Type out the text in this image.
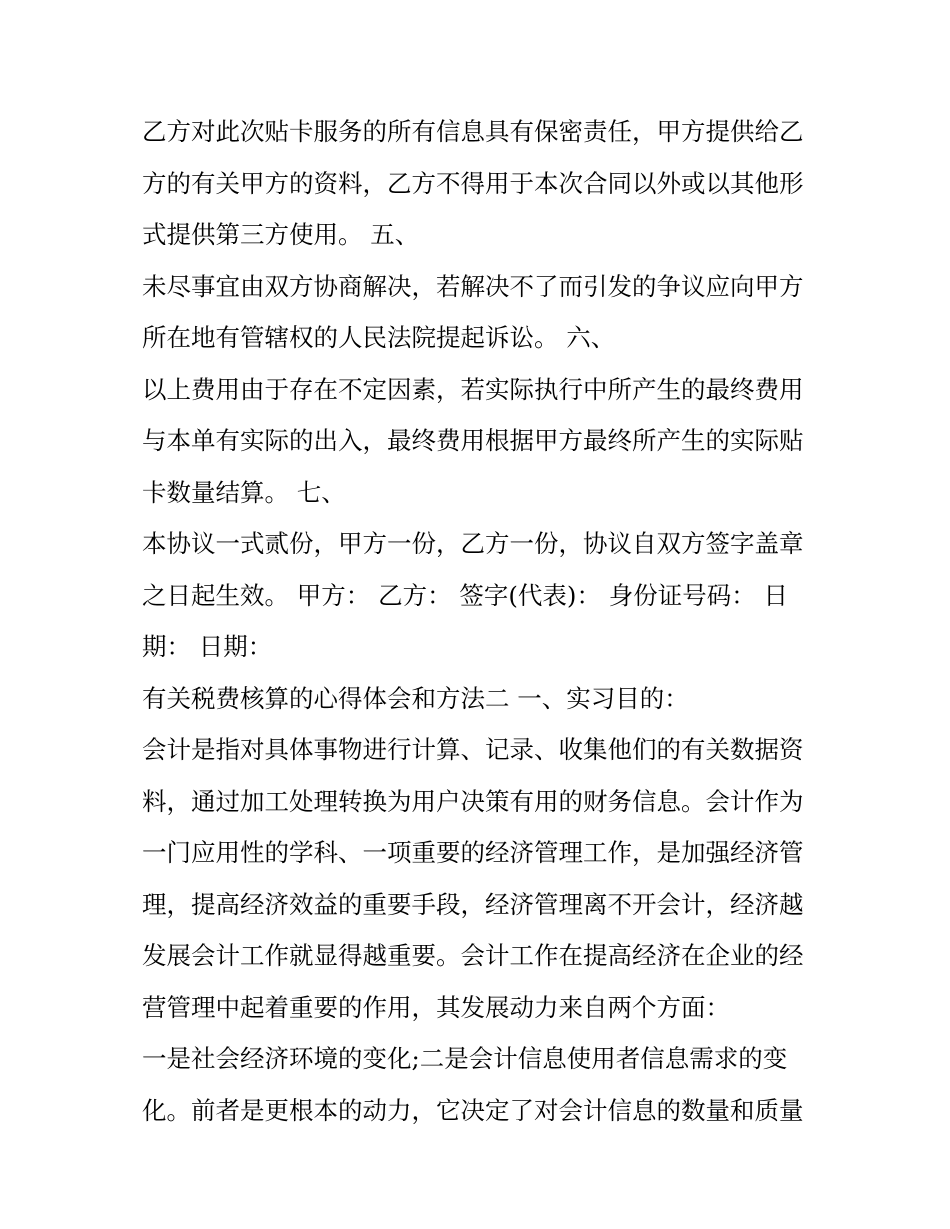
乙方对此次贴卡服务的所有信息具有保密责任，甲方提供给乙
方的有关甲方的资料，乙方不得用于本次合同以外或以其他形
式提供第三方使用。 五、
未尽事宜由双方协商解决，若解决不了而引发的争议应向甲方
所在地有管辖权的人民法院提起诉讼。 六、
以上费用由于存在不定因素，若实际执行中所产生的最终费用
与本单有实际的出入，最终费用根据甲方最终所产生的实际贴
卡数量结算。 七、
本协议一式贰份，甲方一份，乙方一份，协议自双方签字盖章
之日起生效。 甲方： 乙方： 签字(代表)： 身份证号码： 日
期： 日期：
有关税费核算的心得体会和方法二 一、实习目的：
会计是指对具体事物进行计算、记录、收集他们的有关数据资
料，通过加工处理转换为用户决策有用的财务信息。会计作为
一门应用性的学科、一项重要的经济管理工作，是加强经济管
理，提高经济效益的重要手段，经济管理离不开会计，经济越
发展会计工作就显得越重要。会计工作在提高经济在企业的经
营管理中起着重要的作用，其发展动力来自两个方面：
一是社会经济环境的变化;二是会计信息使用者信息需求的变
化。前者是更根本的动力，它决定了对会计信息的数量和质量
